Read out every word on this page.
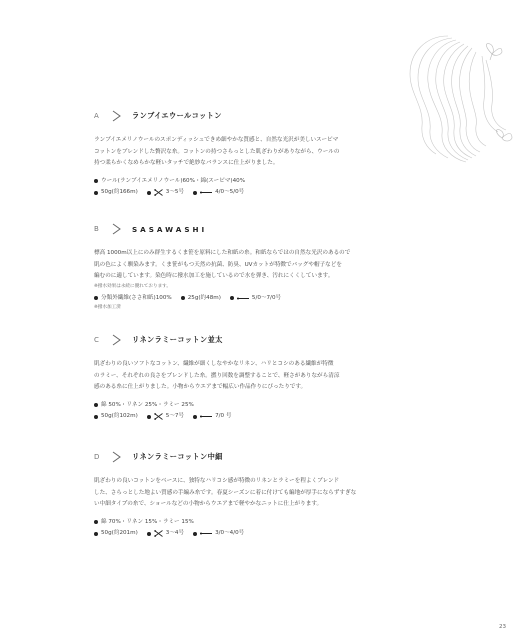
A	ランブイエウールコットン
ランブイエメリノウールのスポンディッシュできめ細やかな質感と、自然な光沢が美しいスーピマ
コットンをブレンドした贅沢な糸。コットンの持つさらっとした肌ざわりがありながら、ウールの
持つ柔らかくなめらかな軽いタッチで絶妙なバランスに仕上がりました。
ウール(ランブイエメリノウール)60%・綿(スーピマ)40%
50g(約166m)	3～5号	4/0～5/0号
B	SASAWASHI
標高 1000m以上にのみ群生するくま笹を原料にした和紙の糸。和紙ならではの自然な光沢のあるので
肌の色によく馴染みます。くま笹がもつ天然の抗菌、防臭、UVカットが特徴でバッグや帽子などを
編むのに適しています。染色時に撥水加工を施しているので水を弾き、汚れにくくしています。
※撥水効果は永続に優れております。
分類外繊維(ささ和紙)100%	25g(約48m)	5/0～7/0号
※撥水加工済
C	リネンラミーコットン並太
肌ざわりの良いソフトなコットン、繊維が細くしなやかなリネン、ハリとコシのある繊維が特徴
のラミー、それぞれの良さをブレンドした糸。撚り回数を調整することで、軽さがありながら清涼
感のある糸に仕上がりました。小物からウエアまで幅広い作品作りにぴったりです。
綿 50%・リネン 25%・ラミー 25%
50g(約102m)	5～7号	7/0 号
D	リネンラミーコットン中細
肌ざわりの良いコットンをベースに、独特なハリコシ感が特徴のリネンとラミーを程よくブレンド
した、さらっとした地よい質感の手編み糸です。春夏シーズンに着に付けても編地が厚手にならずすぎな
い中細タイプの糸で、ショールなどの小物からウエアまで軽やかなニットに仕上がります。
綿 70%・リネン 15%・ラミー 15%
50g(約201m)	3～4号	3/0～4/0号
23
